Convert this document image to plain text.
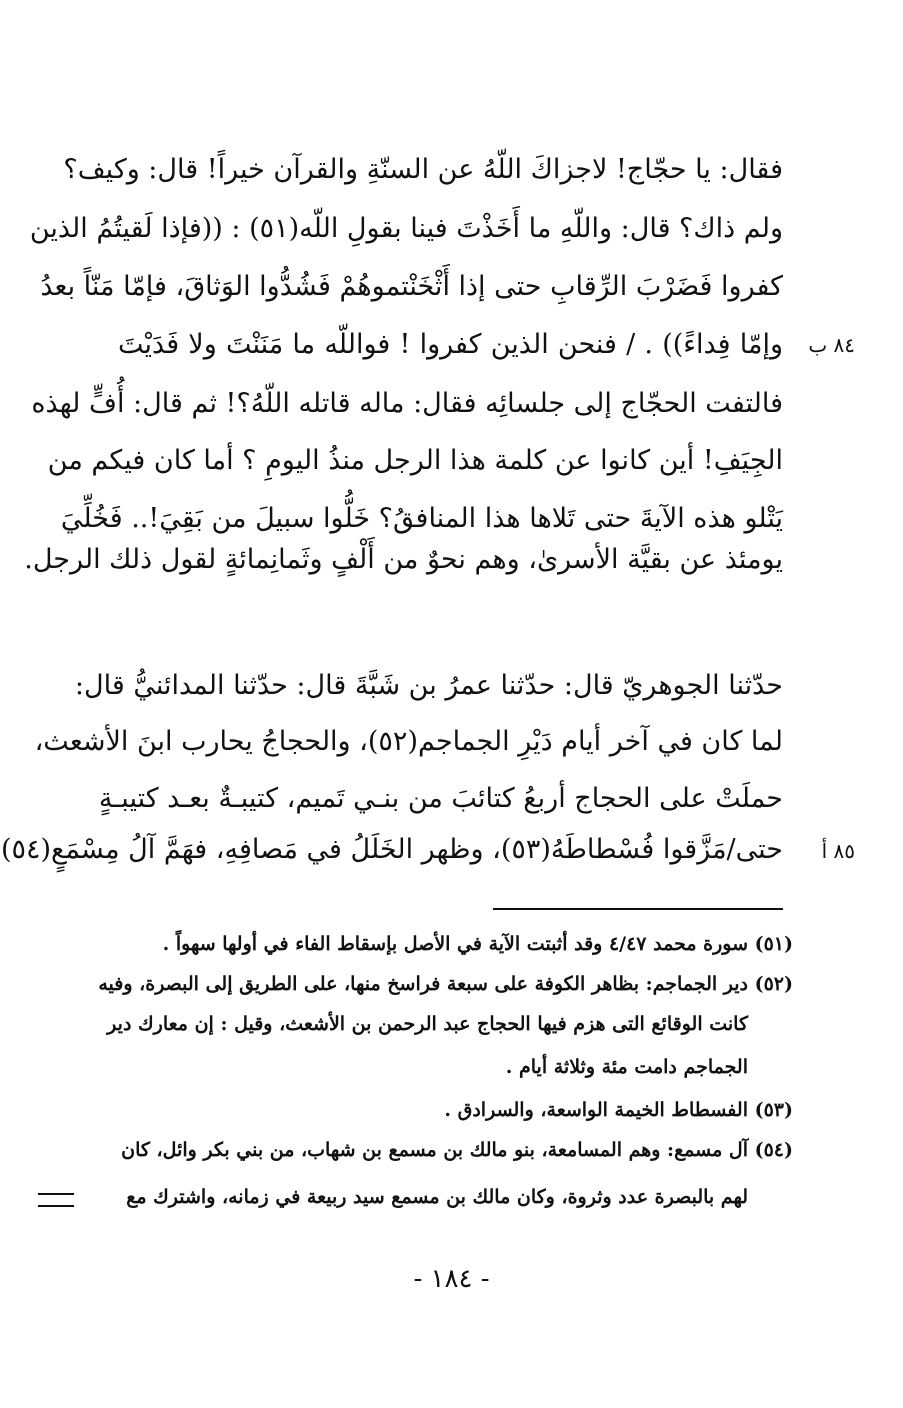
فقال: يا حجّاج! لاجزاكَ اللّهُ عن السنّةِ والقرآن خيراً! قال: وكيف؟
ولم ذاك؟ قال: واللّهِ ما أَخَذْتَ فينا بقولِ اللّه(٥١) : ((فإذا لَقيتُمُ الذين
كفروا فَضَرْبَ الرِّقابِ حتى إذا أَثْخَنْتموهُمْ فَشُدُّوا الوَثاقَ، فإمّا مَنّاً بعدُ
وإمّا فِداءً)) . / فنحن الذين كفروا ! فواللّه ما مَنَنْتَ ولا فَدَيْتَ
فالتفت الحجّاج إلى جلسائِه فقال: ماله قاتله اللّهُ؟! ثم قال: أُفٍّ لهذه
الجِيَفِ! أين كانوا عن كلمة هذا الرجل منذُ اليومِ ؟ أما كان فيكم من
يَتْلو هذه الآيةَ حتى تَلاها هذا المنافقُ؟ خَلُّوا سبيلَ من بَقِيَ!.. فَخُلِّيَ
يومئذ عن بقيَّة الأسرىٰ، وهم نحوٌ من أَلْفٍ وثَمانِمائةٍ لقول ذلك الرجل.
٨٤ ب
حدّثنا الجوهريّ قال: حدّثنا عمرُ بن شَبَّةَ قال: حدّثنا المدائنيُّ قال:
لما كان في آخر أيام دَيْرِ الجماجم(٥٢)، والحجاجُ يحارب ابنَ الأشعث،
حملَتْ على الحجاج أربعُ كتائبَ من بنـي تَميم، كتيبـةٌ بعـد كتيبـةٍ
حتى/مَزَّقوا فُسْطاطَهُ(٥٣)، وظهر الخَلَلُ في مَصافِهِ، فهَمَّ آلُ مِسْمَعٍ(٥٤)	٨٥ أ
(٥١)
سورة محمد ٤/٤٧ وقد أثبتت الآية في الأصل بإسقاط الفاء في أولها سهواً .
(٥٢)
دير الجماجم: بظاهر الكوفة على سبعة فراسخ منها، على الطريق إلى البصرة، وفيه
كانت الوقائع التى هزم فيها الحجاج عبد الرحمن بن الأشعث، وقيل : إن معارك دير
الجماجم دامت مئة وثلاثة أيام .
(٥٣)
الفسطاط الخيمة الواسعة، والسرادق .
(٥٤)
آل مسمع: وهم المسامعة، بنو مالك بن مسمع بن شهاب، من بني بكر وائل، كان
لهم بالبصرة عدد وثروة، وكان مالك بن مسمع سيد ربيعة في زمانه، واشترك مع
- ١٨٤ -
